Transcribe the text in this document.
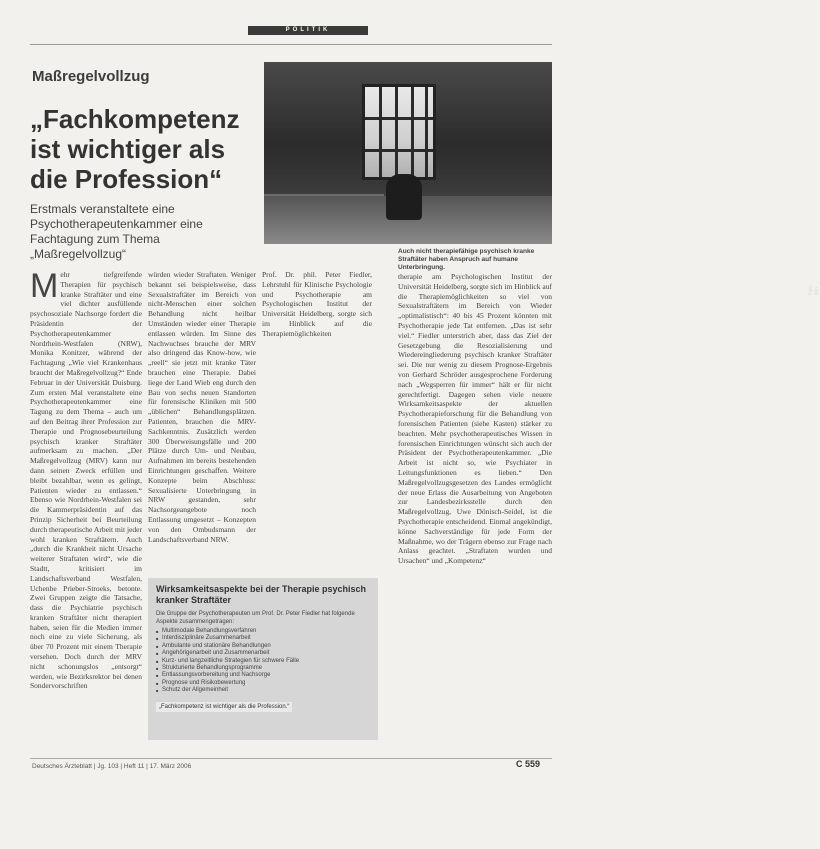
POLITIK
Maßregelvollzug
„Fachkompetenz ist wichtiger als die Profession“
Erstmals veranstaltete eine Psychotherapeutenkammer eine Fachtagung zum Thema „Maßregelvollzug“
Foto: ddp
Auch nicht therapiefähige psychisch kranke Straftäter haben Anspruch auf humane Unterbringung.
M ehr tiefgreifende Therapien für psychisch kranke Straftäter und eine viel dichter ausfüllende psychosoziale Nachsorge fordert die Präsidentin der Psychotherapeutenkammer Nordrhein-Westfalen (NRW), Monika Konitzer, während der Fachtagung „Wie viel Krankenhaus braucht der Maßregelvollzug?“ Ende Februar in der Universität Duisburg. Zum ersten Mal veranstaltete eine Psychotherapeutenkammer eine Tagung zu dem Thema – auch um auf den Beitrag ihrer Profession zur Therapie und Prognosebeurteilung psychisch kranker Straftäter aufmerksam zu machen. „Der Maßregelvollzug (MRV) kann nur dann seinen Zweck erfüllen und bleibt bezahlbar, wenn es gelingt, Patienten wieder zu entlassen.“ Ebenso wie Nordrhein-Westfalen sei die Kammerpräsidentin auf das Prinzip Sicherheit bei Beurteilung durch therapeutische Arbeit mit jeder wohl kranken Straftätern. Auch „durch die Krankheit nicht Ursache weiterer Straftaten wird“, wie die Stadtt, kritisiert im Landschaftsverband Westfalen, Uchenbe Prieber-Stroeks, betonte. Zwei Gruppen zeigte die Tatsache, dass die Psychiatrie psychisch kranken Straftäter nicht therapiert haben, seien für die Medien immer noch eine zu viele Sicherung, als über 70 Prozent mit einem Therapie versehen. Doch durch der MRV nicht schonungslos „entsorgt“ werden, wie Bezirksrektor bei denen Sondervorschriften
würden wieder Straftaten. Weniger bekannt sei beispielsweise, dass Sexualstraftäter im Bereich von nicht-Menschen einer solchen Behandlung nicht heilbar Umständen wieder einer Therapie entlassen würden. Im Sinne des Nachwuchses brauche der MRV also dringend das Know-how, wie „reell“ sie jetzt mit kranke Täter brauchen eine Therapie. Dabei liege der Land Wieb eng durch den Bau von sechs neuen Standorten für forensische Kliniken mit 500 „üblichen“ Behandlungsplätzen. Patienten, brauchen die MRV-Sachkenntnis. Zusätzlich werden 300 Überweisungsfälle und 200 Plätze durch Um- und Neubau, Aufnahmen im bereits bestehenden Einrichtungen geschaffen. Weitere Konzepte beim Abschluss: Sexualisierte Unterbringung in NRW gestanden, sehr Nachsorgeangebote noch Entlassung umgesetzt – Konzepten von den Ombudsmann der Landschaftsverband NRW.
Prof. Dr. phil. Peter Fiedler, Lehrstuhl für Klinische Psychologie und Psychotherapie am Psychologischen Institut der Universität Heidelberg, sorgte sich im Hinblick auf die Therapiemöglichkeiten
therapie am Psychologischen Institut der Universität Heidelberg, sorgte sich im Hinblick auf die Therapiemöglichkeiten so viel von Sexualstraftätern im Bereich von Wieder „optimalistisch“: 40 bis 45 Prozent könnten mit Psychotherapie jede Tat entfernen. „Das ist sehr viel.“ Fiedler unterstrich aber, dass das Ziel der Gesetzgebung die Resozialisierung und Wiedereingliederung psychisch kranker Straftäter sei. Die nur wenig zu diesem Prognose-Ergebnis von Gerhard Schröder ausgesprochene Forderung nach „Wegsperren für immer“ hält er für nicht gerechtfertigt. Dagegen sehen viele neuere Wirksamkeitsaspekte der aktuellen Psychotherapieforschung für die Behandlung von forensischen Patienten (siehe Kasten) stärker zu beachten. Mehr psychotherapeutisches Wissen in forensischen Einrichtungen wünscht sich auch der Präsident der Psychotherapeutenkammer. „Die Arbeit ist nicht so, wie Psychiater in Leitungsfunktionen es lieben.“ Den Maßregelvollzugsgesetzen des Landes ermöglicht der neue Erlass die Ausarbeitung von Angeboten zur Landesbezirksstelle durch den Maßregelvollzug, Uwe Dönisch-Seidel, ist die Psychotherapie entscheidend. Einmal angekündigt, könne Sachverständige für jede Form der Maßnahme, wo der Trägern ebenso zur Frage nach Anlass geachtet. „Straftaten wurden und Ursachen“ und „Kompetenz“
Wirksamkeitsaspekte bei der Therapie psychisch kranker Straftäter
Die Gruppe der Psychotherapeuten um Prof. Dr. Peter Fiedler hat folgende Aspekte zusammengetragen:
■ Multimodale Behandlungsverfahren
■ Interdisziplinäre Zusammenarbeit
■ Ambulante und stationäre Behandlungen
■ Angehörigenarbeit und Zusammenarbeit
■ Kurz- und langzeitliche Strategien für schwere Fälle
■ Strukturierte Behandlungsprogramme
■ Entlassungsvorbereitung und Nachsorge
■ Prognose und Risikobewertung
■ Schutz der Allgemeinheit
„Fachkompetenz ist wichtiger als die Profession.“
Deutsches Ärzteblatt | Jg. 103 | Heft 11 | 17. März 2006	C 559
